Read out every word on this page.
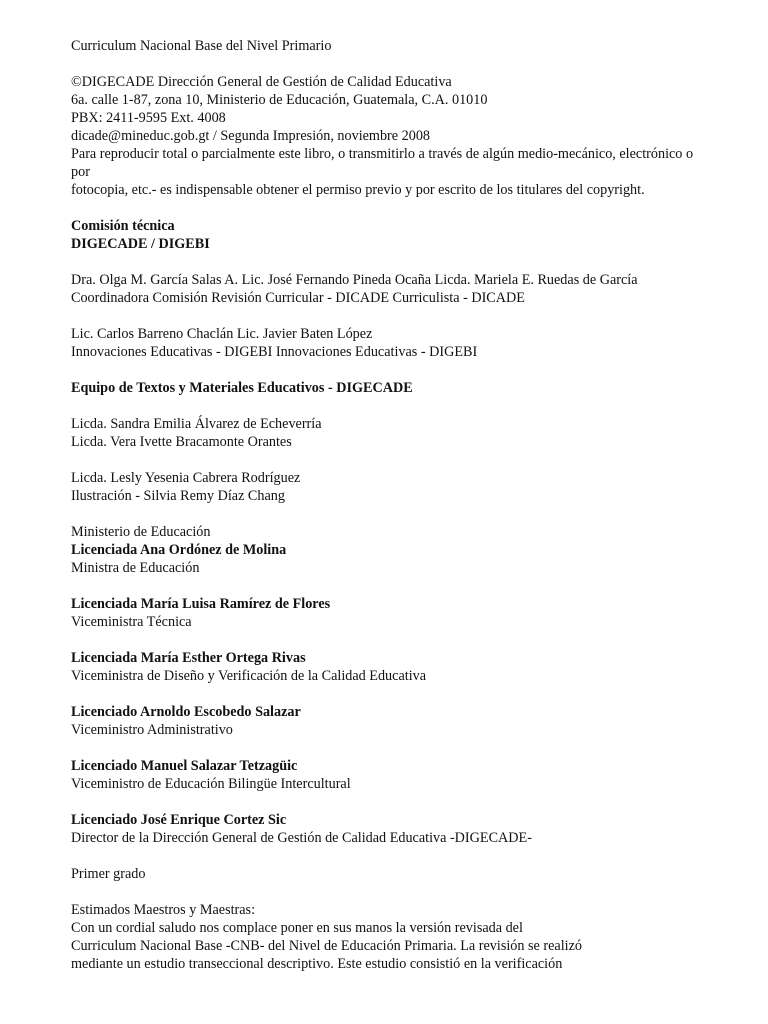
Curriculum Nacional Base del Nivel Primario
©DIGECADE Dirección General de Gestión de Calidad Educativa
6a. calle 1-87, zona 10, Ministerio de Educación, Guatemala, C.A. 01010
PBX: 2411-9595 Ext. 4008
dicade@mineduc.gob.gt / Segunda Impresión, noviembre 2008
Para reproducir total o parcialmente este libro, o transmitirlo a través de algún medio-mecánico, electrónico o
por
fotocopia, etc.- es indispensable obtener el permiso previo y por escrito de los titulares del copyright.
Comisión técnica
DIGECADE / DIGEBI
Dra. Olga M. García Salas A. Lic. José Fernando Pineda Ocaña Licda. Mariela E. Ruedas de García
Coordinadora Comisión Revisión Curricular - DICADE Curriculista - DICADE
Lic. Carlos Barreno Chaclán Lic. Javier Baten López
Innovaciones Educativas - DIGEBI Innovaciones Educativas - DIGEBI
Equipo de Textos y Materiales Educativos - DIGECADE
Licda. Sandra Emilia Álvarez de Echeverría
Licda. Vera Ivette Bracamonte Orantes
Licda. Lesly Yesenia Cabrera Rodríguez
Ilustración - Silvia Remy Díaz Chang
Ministerio de Educación
Licenciada Ana Ordónez de Molina
Ministra de Educación
Licenciada María Luisa Ramírez de Flores
Viceministra Técnica
Licenciada María Esther Ortega Rivas
Viceministra de Diseño y Verificación de la Calidad Educativa
Licenciado Arnoldo Escobedo Salazar
Viceministro Administrativo
Licenciado Manuel Salazar Tetzagüic
Viceministro de Educación Bilingüe Intercultural
Licenciado José Enrique Cortez Sic
Director de la Dirección General de Gestión de Calidad Educativa -DIGECADE-
Primer grado
Estimados Maestros y Maestras:
Con un cordial saludo nos complace poner en sus manos la versión revisada del
Curriculum Nacional Base -CNB- del Nivel de Educación Primaria. La revisión se realizó
mediante un estudio transeccional descriptivo. Este estudio consistió en la verificación
